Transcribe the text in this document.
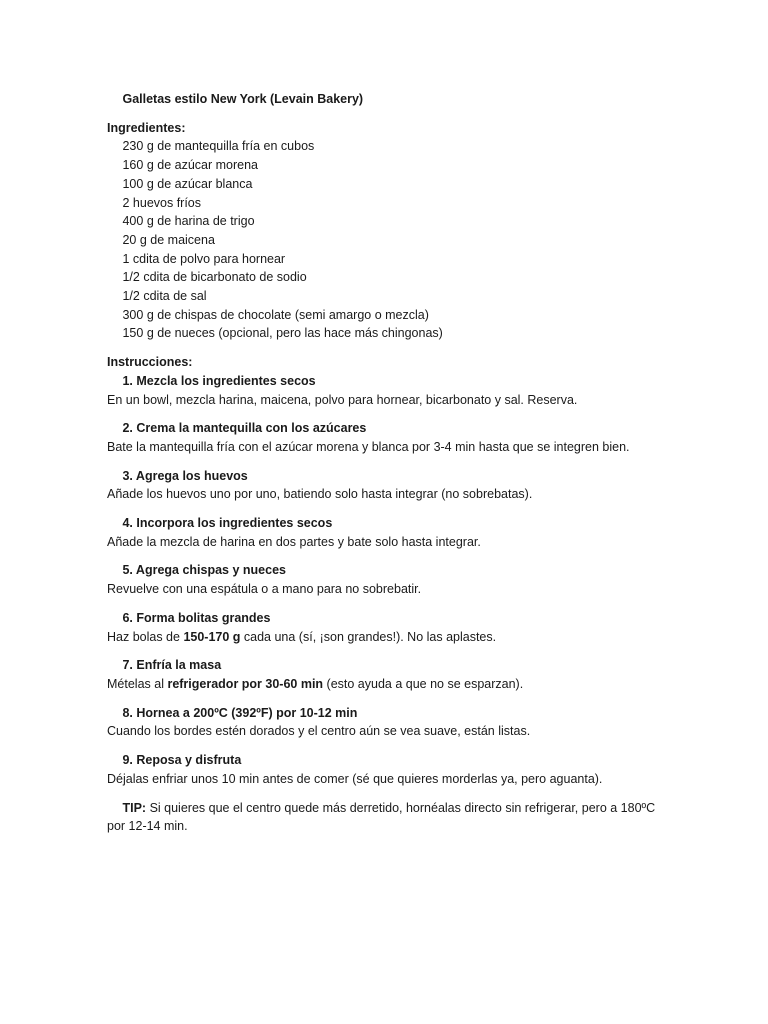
Galletas estilo New York (Levain Bakery)
Ingredientes:
230 g de mantequilla fría en cubos
160 g de azúcar morena
100 g de azúcar blanca
2 huevos fríos
400 g de harina de trigo
20 g de maicena
1 cdita de polvo para hornear
1/2 cdita de bicarbonato de sodio
1/2 cdita de sal
300 g de chispas de chocolate (semi amargo o mezcla)
150 g de nueces (opcional, pero las hace más chingonas)
Instrucciones:
1. Mezcla los ingredientes secos
En un bowl, mezcla harina, maicena, polvo para hornear, bicarbonato y sal. Reserva.
2. Crema la mantequilla con los azúcares
Bate la mantequilla fría con el azúcar morena y blanca por 3-4 min hasta que se integren bien.
3. Agrega los huevos
Añade los huevos uno por uno, batiendo solo hasta integrar (no sobrebatas).
4. Incorpora los ingredientes secos
Añade la mezcla de harina en dos partes y bate solo hasta integrar.
5. Agrega chispas y nueces
Revuelve con una espátula o a mano para no sobrebatir.
6. Forma bolitas grandes
Haz bolas de 150-170 g cada una (sí, ¡son grandes!). No las aplastes.
7. Enfría la masa
Mételas al refrigerador por 30-60 min (esto ayuda a que no se esparzan).
8. Hornea a 200ºC (392ºF) por 10-12 min
Cuando los bordes estén dorados y el centro aún se vea suave, están listas.
9. Reposa y disfruta
Déjalas enfriar unos 10 min antes de comer (sé que quieres morderlas ya, pero aguanta).
TIP: Si quieres que el centro quede más derretido, hornéalas directo sin refrigerar, pero a 180ºC por 12-14 min.
